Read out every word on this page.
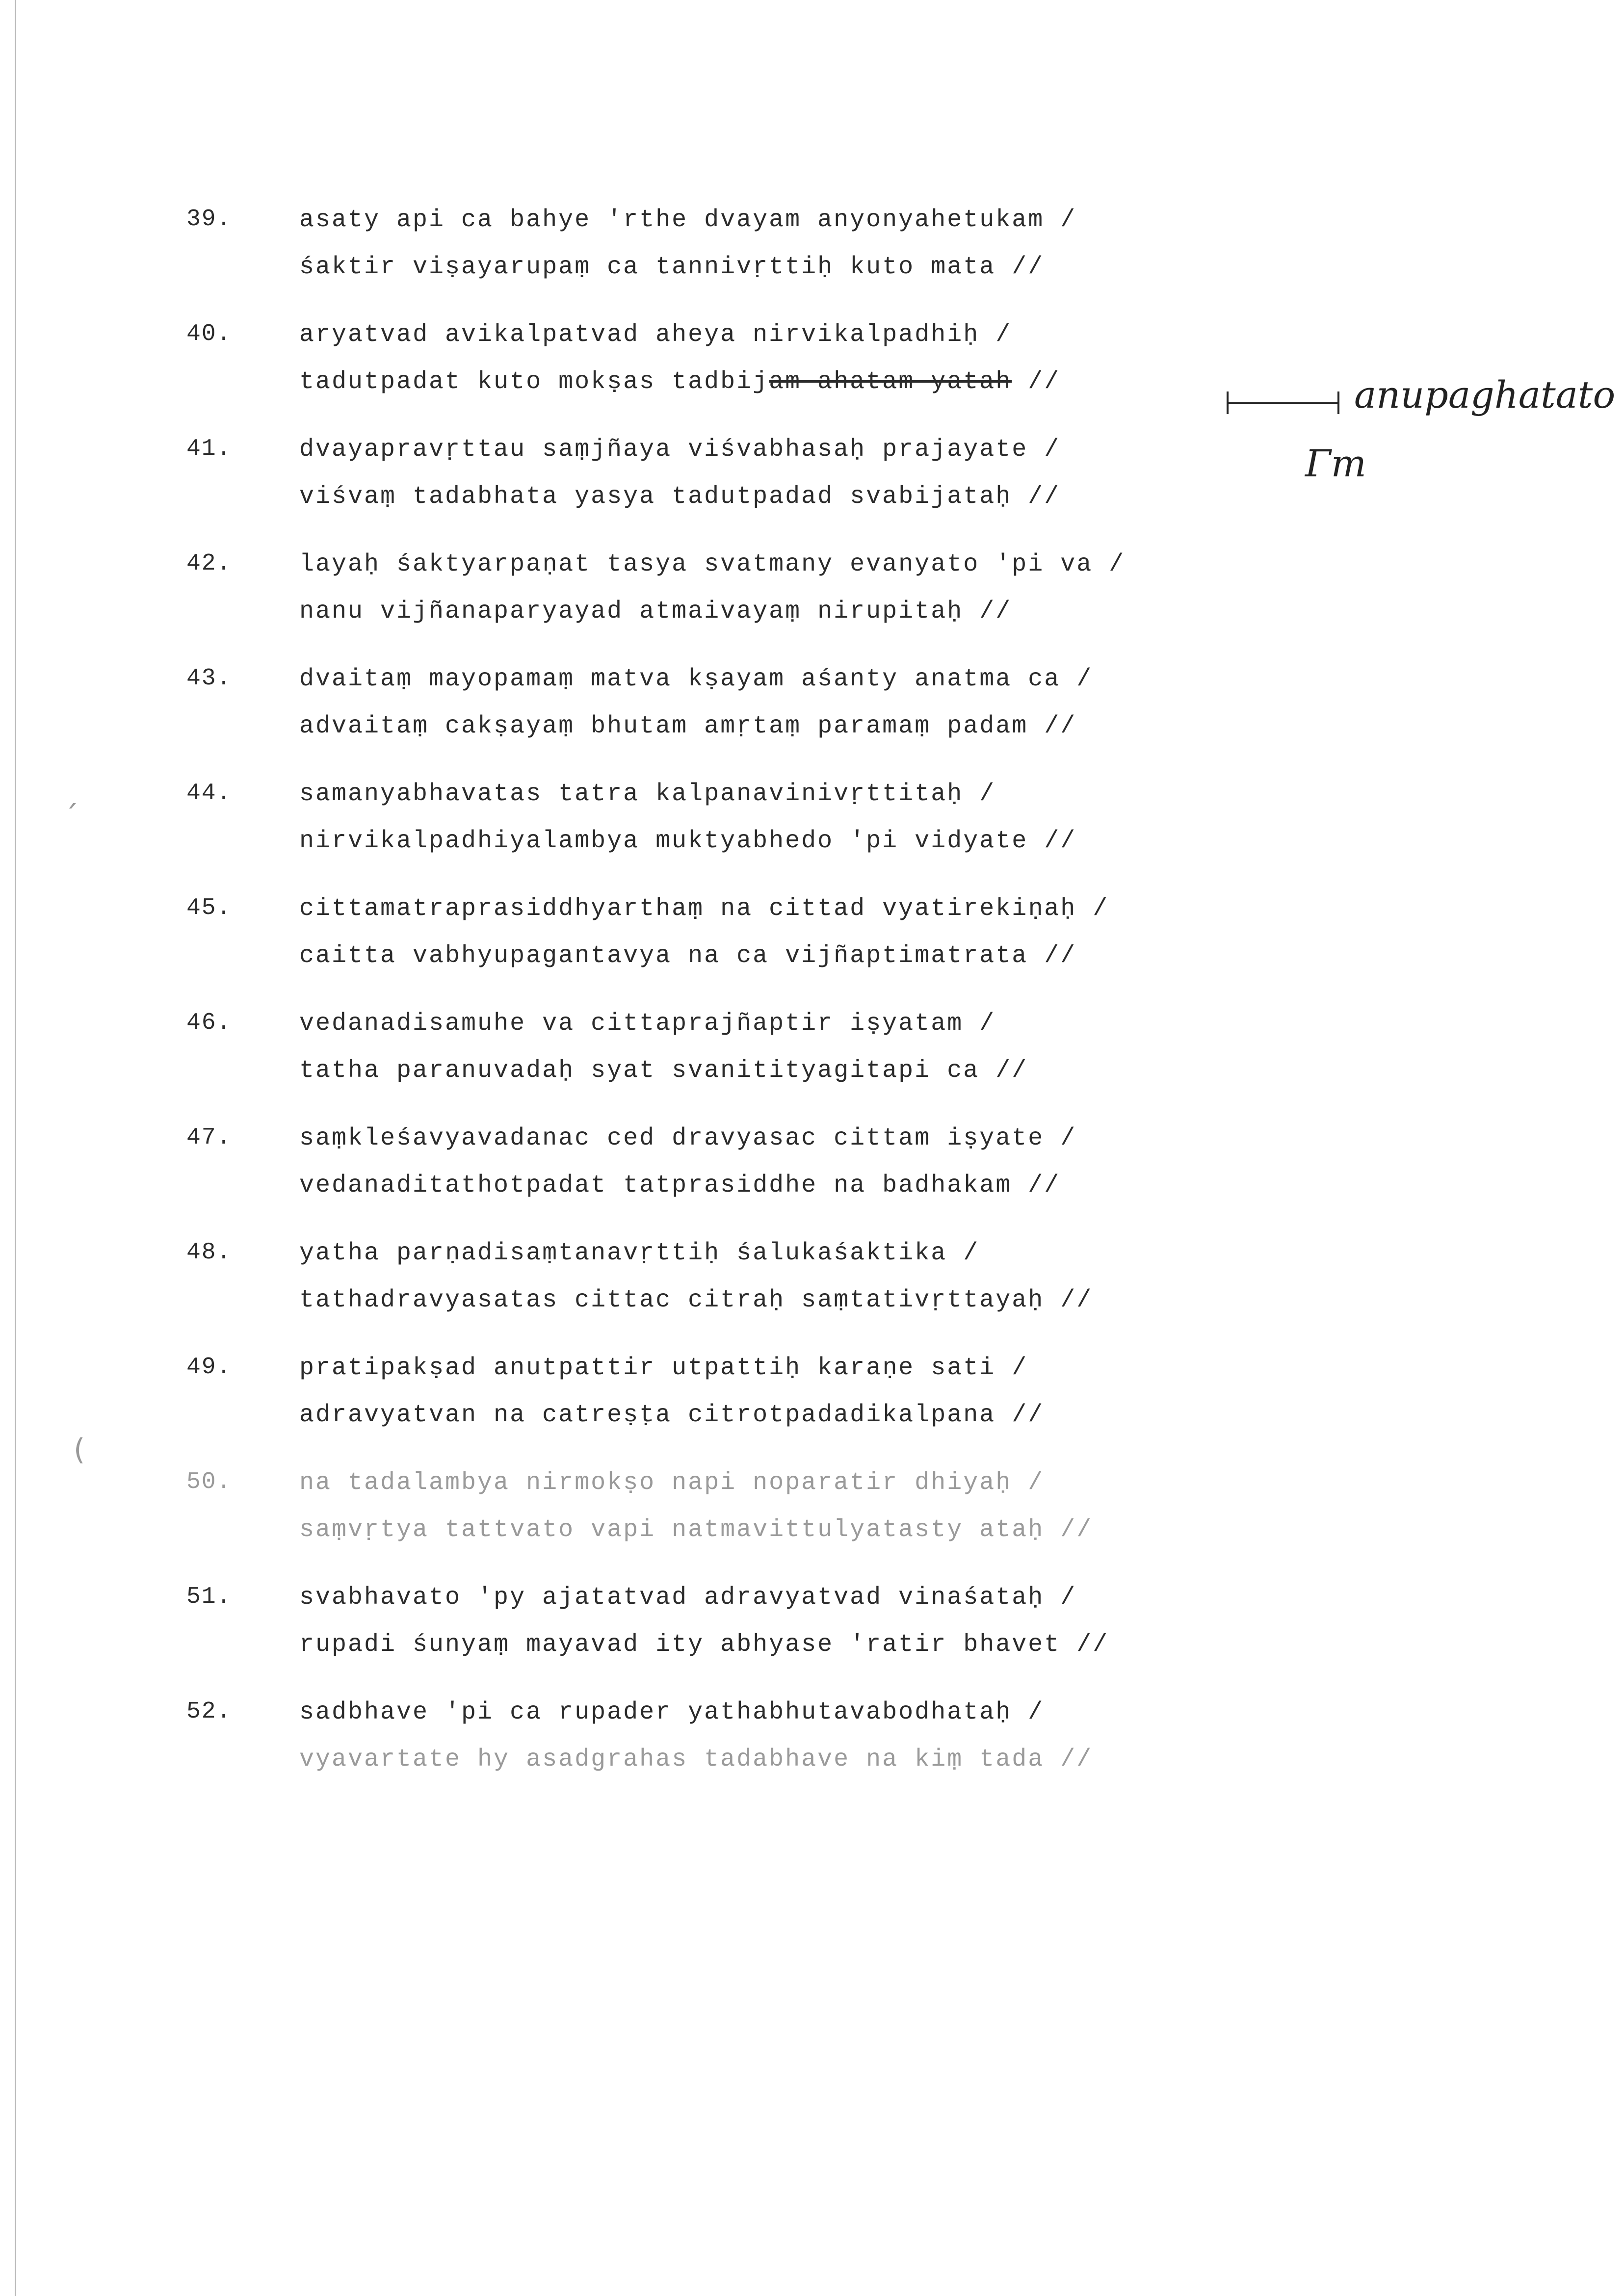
39.	asaty api ca bahye 'rthe dvayam anyonyahetukam /
śaktir viṣayarupaṃ ca tannivṛttiḥ kuto mata //
40.	aryatvad avikalpatvad aheya nirvikalpadhiḥ /
tadutpadat kuto mokṣas tadbijam ahatam yatah //
41.	dvayapravṛttau saṃjñaya viśvabhasaḥ prajayate /
viśvaṃ tadabhata yasya tadutpadad svabijataḥ //
42.	layaḥ śaktyarpaṇat tasya svatmany evanyato 'pi va /
nanu vijñanaparyayad atmaivayaṃ nirupitaḥ //
43.	dvaitaṃ mayopamaṃ matva kṣayam aśanty anatma ca /
advaitaṃ cakṣayaṃ bhutam amṛtaṃ paramaṃ padam //
44.	samanyabhavatas tatra kalpanavinivṛttitaḥ /
nirvikalpadhiyalambya muktyabhedo 'pi vidyate //
45.	cittamatraprasiddhyarthaṃ na cittad vyatirekiṇaḥ /
caitta vabhyupagantavya na ca vijñaptimatrata //
46.	vedanadisamuhe va cittaprajñaptir iṣyatam /
tatha paranuvadaḥ syat svanitityagitapi ca //
47.	saṃkleśavyavadanac ced dravyasac cittam iṣyate /
vedanaditathotpadat tatprasiddhe na badhakam //
48.	yatha parṇadisaṃtanavṛttiḥ śalukaśaktika /
tathadravyasatas cittac citraḥ saṃtativṛttayaḥ //
49.	pratipakṣad anutpattir utpattiḥ karaṇe sati /
adravyatvan na catreṣṭa citrotpadadikalpana //
50.	na tadalambya nirmokṣo napi noparatir dhiyaḥ /
saṃvṛtya tattvato vapi natmavittulyatasty ataḥ //
51.	svabhavato 'py ajatatvad adravyatvad vinaśataḥ /
rupadi śunyaṃ mayavad ity abhyase 'ratir bhavet //
52.	sadbhave 'pi ca rupader yathabhutavabodhataḥ /
vyavartate hy asadgrahas tadabhave na kiṃ tada //
anupaghatato
Γm
´
(
